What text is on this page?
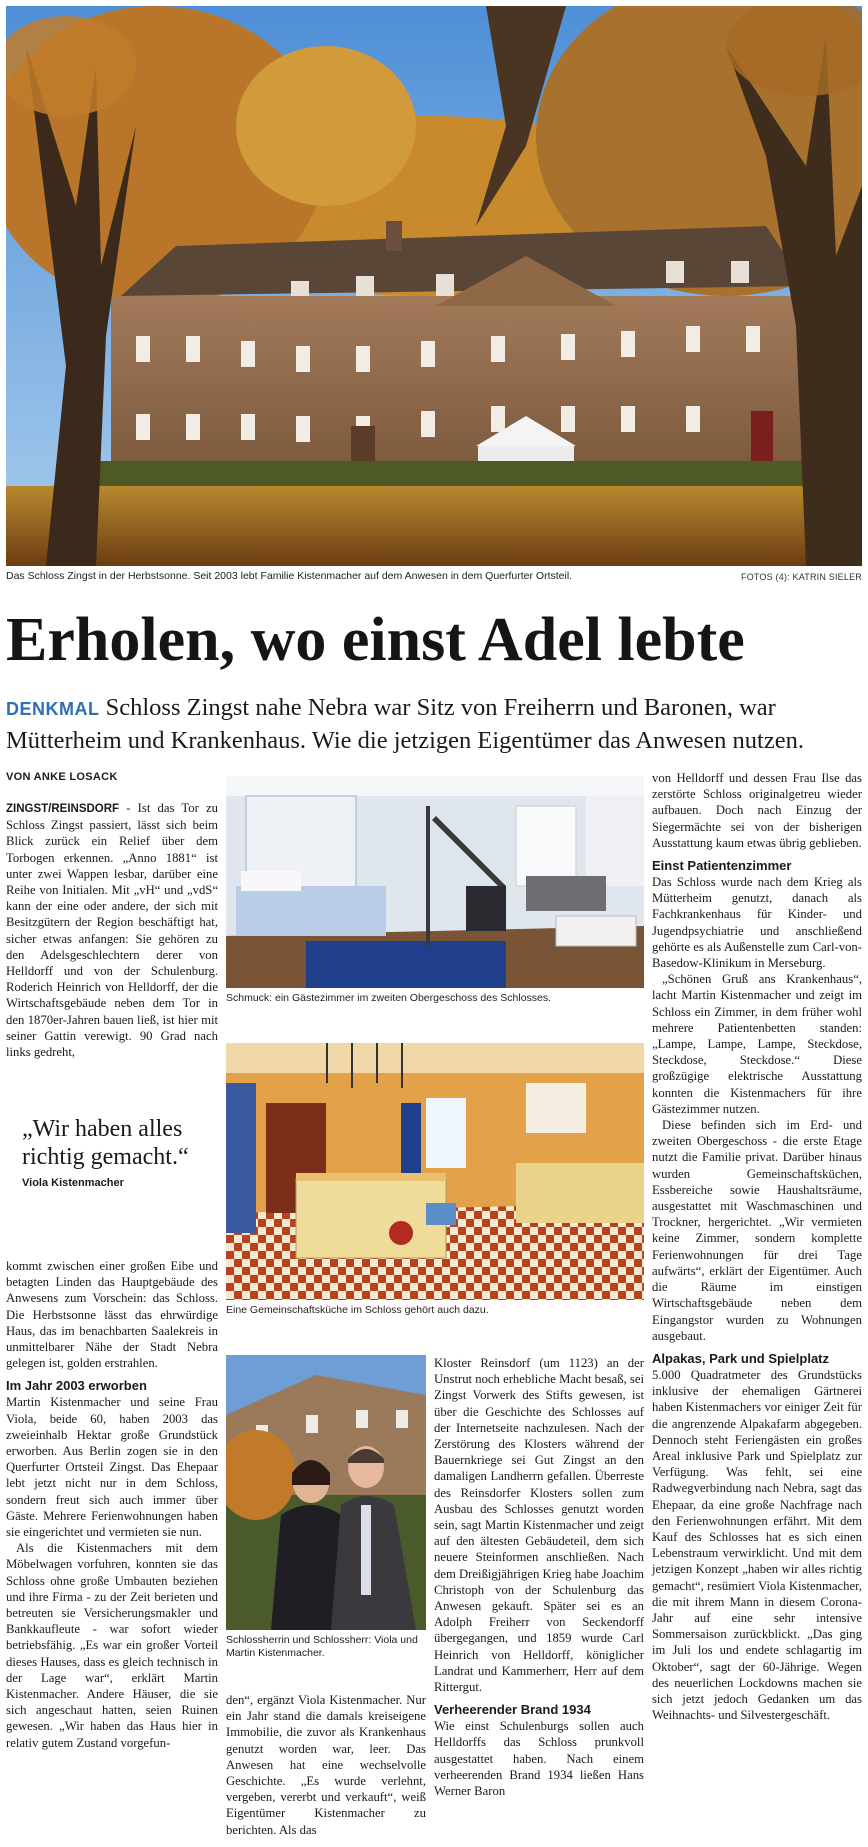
Das Schloss Zingst in der Herbstsonne. Seit 2003 lebt Familie Kistenmacher auf dem Anwesen in dem Querfurter Ortsteil.	FOTOS (4): KATRIN SIELER
Erholen, wo einst Adel lebte
DENKMAL Schloss Zingst nahe Nebra war Sitz von Freiherrn und Baronen, war Mütterheim und Krankenhaus. Wie die jetzigen Eigentümer das Anwesen nutzen.
VON ANKE LOSACK

ZINGST/REINSDORF - Ist das Tor zu Schloss Zingst passiert, lässt sich beim Blick zurück ein Relief über dem Torbogen erkennen. „Anno 1881“ ist unter zwei Wappen lesbar, darüber eine Reihe von Initialen. Mit „vH“ und „vdS“ kann der eine oder andere, der sich mit Besitzgütern der Region beschäftigt hat, sicher etwas anfangen: Sie gehören zu den Adelsgeschlechtern derer von Helldorff und von der Schulenburg. Roderich Heinrich von Helldorff, der die Wirtschaftsgebäude neben dem Tor in den 1870er-Jahren bauen ließ, ist hier mit seiner Gattin verewigt. 90 Grad nach links gedreht,

„Wir haben alles richtig gemacht.“
Viola Kistenmacher

kommt zwischen einer großen Eibe und betagten Linden das Hauptgebäude des Anwesens zum Vorschein: das Schloss. Die Herbstsonne lässt das ehrwürdige Haus, das im benachbarten Saalekreis in unmittelbarer Nähe der Stadt Nebra gelegen ist, golden erstrahlen.

Im Jahr 2003 erworben

Martin Kistenmacher und seine Frau Viola, beide 60, haben 2003 das zweieinhalb Hektar große Grundstück erworben. Aus Berlin zogen sie in den Querfurter Ortsteil Zingst. Das Ehepaar lebt jetzt nicht nur in dem Schloss, sondern freut sich auch immer über Gäste. Mehrere Ferienwohnungen haben sie eingerichtet und vermieten sie nun.

Als die Kistenmachers mit dem Möbelwagen vorfuhren, konnten sie das Schloss ohne große Umbauten beziehen und ihre Firma - zu der Zeit berieten und betreuten sie Versicherungsmakler und Bankkaufleute - war sofort wieder betriebsfähig. „Es war ein großer Vorteil dieses Hauses, dass es gleich technisch in der Lage war“, erklärt Martin Kistenmacher. Andere Häuser, die sie sich angeschaut hatten, seien Ruinen gewesen. „Wir haben das Haus hier in relativ gutem Zustand vorgefun-

Schmuck: ein Gästezimmer im zweiten Obergeschoss des Schlosses.
Eine Gemeinschaftsküche im Schloss gehört auch dazu.
Schlossherrin und Schlossherr: Viola und Martin Kistenmacher.

den“, ergänzt Viola Kistenmacher. Nur ein Jahr stand die damals kreiseigene Immobilie, die zuvor als Krankenhaus genutzt worden war, leer. Das Anwesen hat eine wechselvolle Geschichte. „Es wurde verlehnt, vergeben, vererbt und verkauft“, weiß Eigentümer Kistenmacher zu berichten. Als das

Kloster Reinsdorf (um 1123) an der Unstrut noch erhebliche Macht besaß, sei Zingst Vorwerk des Stifts gewesen, ist über die Geschichte des Schlosses auf der Internetseite nachzulesen. Nach der Zerstörung des Klosters während der Bauernkriege sei Gut Zingst an den damaligen Landherrn gefallen. Überreste des Reinsdorfer Klosters sollen zum Ausbau des Schlosses genutzt worden sein, sagt Martin Kistenmacher und zeigt auf den ältesten Gebäudeteil, dem sich neuere Steinformen anschließen. Nach dem Dreißigjährigen Krieg habe Joachim Christoph von der Schulenburg das Anwesen gekauft. Später sei es an Adolph Freiherr von Seckendorff übergegangen, und 1859 wurde Carl Heinrich von Helldorff, königlicher Landrat und Kammerherr, Herr auf dem Rittergut.

Verheerender Brand 1934

Wie einst Schulenburgs sollen auch Helldorffs das Schloss prunkvoll ausgestattet haben. Nach einem verheerenden Brand 1934 ließen Hans Werner Baron

von Helldorff und dessen Frau Ilse das zerstörte Schloss originalgetreu wieder aufbauen. Doch nach Einzug der Siegermächte sei von der bisherigen Ausstattung kaum etwas übrig geblieben.

Einst Patientenzimmer

Das Schloss wurde nach dem Krieg als Mütterheim genutzt, danach als Fachkrankenhaus für Kinder- und Jugendpsychiatrie und anschließend gehörte es als Außenstelle zum Carl-von-Basedow-Klinikum in Merseburg.

„Schönen Gruß ans Krankenhaus“, lacht Martin Kistenmacher und zeigt im Schloss ein Zimmer, in dem früher wohl mehrere Patientenbetten standen: „Lampe, Lampe, Lampe, Steckdose, Steckdose, Steckdose.“ Diese großzügige elektrische Ausstattung konnten die Kistenmachers für ihre Gästezimmer nutzen.

Diese befinden sich im Erd- und zweiten Obergeschoss - die erste Etage nutzt die Familie privat. Darüber hinaus wurden Gemeinschaftsküchen, Essbereiche sowie Haushaltsräume, ausgestattet mit Waschmaschinen und Trockner, hergerichtet. „Wir vermieten keine Zimmer, sondern komplette Ferienwohnungen für drei Tage aufwärts“, erklärt der Eigentümer. Auch die Räume im einstigen Wirtschaftsgebäude neben dem Eingangstor wurden zu Wohnungen ausgebaut.

Alpakas, Park und Spielplatz

5.000 Quadratmeter des Grundstücks inklusive der ehemaligen Gärtnerei haben Kistenmachers vor einiger Zeit für die angrenzende Alpakafarm abgegeben. Dennoch steht Feriengästen ein großes Areal inklusive Park und Spielplatz zur Verfügung. Was fehlt, sei eine Radwegverbindung nach Nebra, sagt das Ehepaar, da eine große Nachfrage nach den Ferienwohnungen erfährt. Mit dem Kauf des Schlosses hat es sich einen Lebenstraum verwirklicht. Und mit dem jetzigen Konzept „haben wir alles richtig gemacht“, resümiert Viola Kistenmacher, die mit ihrem Mann in diesem Corona-Jahr auf eine sehr intensive Sommersaison zurückblickt. „Das ging im Juli los und endete schlagartig im Oktober“, sagt der 60-Jährige. Wegen des neuerlichen Lockdowns machen sie sich jetzt jedoch Gedanken um das Weihnachts- und Silvestergeschäft.
